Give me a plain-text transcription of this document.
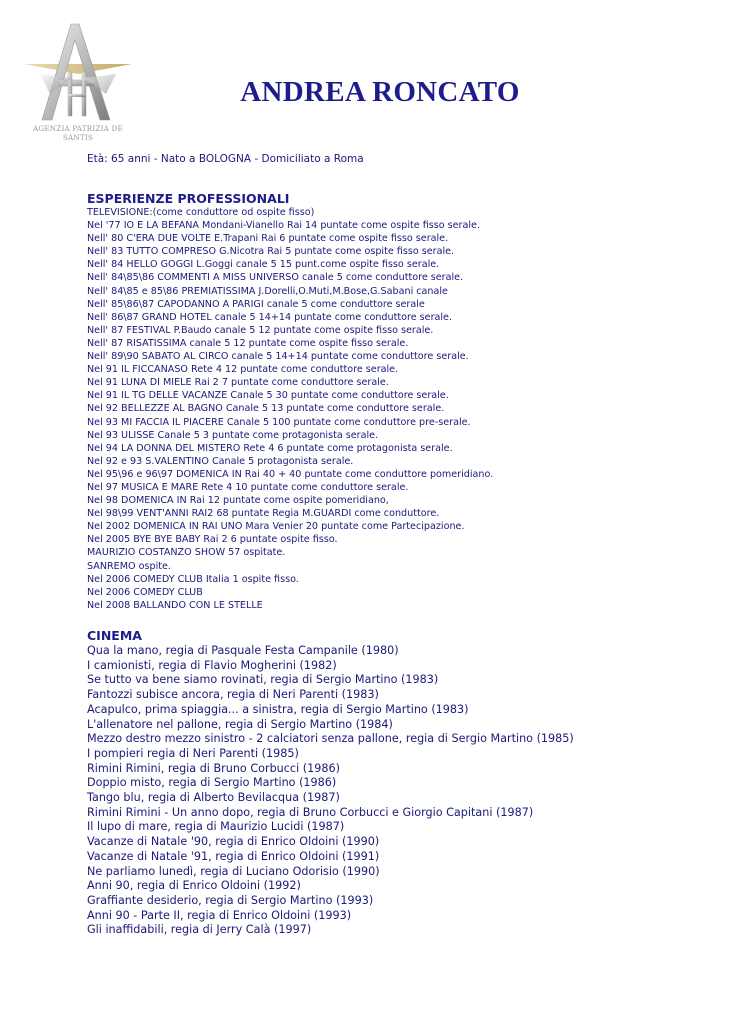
AGENZIA PATRIZIA DE SANTIS
ANDREA RONCATO
Età: 65 anni - Nato a BOLOGNA - Domiciliato a Roma
ESPERIENZE PROFESSIONALI
TELEVISIONE:(come conduttore od ospite fisso)
Nel '77 IO E LA BEFANA Mondani-Vianello Rai 14 puntate come ospite fisso serale.
Nell' 80 C'ERA DUE VOLTE E.Trapani Rai 6 puntate come ospite fisso serale.
Nell' 83 TUTTO COMPRESO G.Nicotra Rai 5 puntate come ospite fisso serale.
Nell' 84 HELLO GOGGI L.Goggi canale 5 15 punt.come ospite fisso serale.
Nell' 84\85\86 COMMENTI A MISS UNIVERSO canale 5 come conduttore serale.
Nell' 84\85 e 85\86 PREMIATISSIMA J.Dorelli,O.Muti,M.Bose,G.Sabani canale
Nell' 85\86\87 CAPODANNO A PARIGI canale 5 come conduttore serale
Nell' 86\87 GRAND HOTEL canale 5 14+14 puntate come conduttore serale.
Nell' 87 FESTIVAL P.Baudo canale 5 12 puntate come ospite fisso serale.
Nell' 87 RISATISSIMA canale 5 12 puntate come ospite fisso serale.
Nell' 89\90 SABATO AL CIRCO canale 5 14+14 puntate come conduttore serale.
Nel 91 IL FICCANASO Rete 4 12 puntate come conduttore serale.
Nel 91 LUNA DI MIELE Rai 2 7 puntate come conduttore serale.
Nel 91 IL TG DELLE VACANZE Canale 5 30 puntate come conduttore serale.
Nel 92 BELLEZZE AL BAGNO Canale 5 13 puntate come conduttore serale.
Nel 93 MI FACCIA IL PIACERE Canale 5 100 puntate come conduttore pre-serale.
Nel 93 ULISSE Canale 5 3 puntate come protagonista serale.
Nel 94 LA DONNA DEL MISTERO Rete 4 6 puntate come protagonista serale.
Nel 92 e 93 S.VALENTINO Canale 5 protagonista serale.
Nel 95\96 e 96\97 DOMENICA IN Rai 40 + 40 puntate come conduttore pomeridiano.
Nel 97 MUSICA E MARE Rete 4 10 puntate come conduttore serale.
Nel 98 DOMENICA IN Rai 12 puntate come ospite pomeridiano,
Nel 98\99 VENT'ANNI RAI2 68 puntate Regia M.GUARDI come conduttore.
Nel 2002 DOMENICA IN RAI UNO Mara Venier 20 puntate come Partecipazione.
Nel 2005 BYE BYE BABY Rai 2 6 puntate ospite fisso.
MAURIZIO COSTANZO SHOW 57 ospitate.
SANREMO ospite.
Nel 2006 COMEDY CLUB Italia 1 ospite fisso.
Nel 2006 COMEDY CLUB
Nel 2008 BALLANDO CON LE STELLE
CINEMA
Qua la mano, regia di Pasquale Festa Campanile (1980)
I camionisti, regia di Flavio Mogherini (1982)
Se tutto va bene siamo rovinati, regia di Sergio Martino (1983)
Fantozzi subisce ancora, regia di Neri Parenti (1983)
Acapulco, prima spiaggia... a sinistra, regia di Sergio Martino (1983)
L'allenatore nel pallone, regia di Sergio Martino (1984)
Mezzo destro mezzo sinistro - 2 calciatori senza pallone, regia di Sergio Martino (1985)
I pompieri regia di Neri Parenti (1985)
Rimini Rimini, regia di Bruno Corbucci (1986)
Doppio misto, regia di Sergio Martino (1986)
Tango blu, regia di Alberto Bevilacqua (1987)
Rimini Rimini - Un anno dopo, regia di Bruno Corbucci e Giorgio Capitani (1987)
Il lupo di mare, regia di Maurizio Lucidi (1987)
Vacanze di Natale '90, regia di Enrico Oldoini (1990)
Vacanze di Natale '91, regia di Enrico Oldoini (1991)
Ne parliamo lunedì, regia di Luciano Odorisio (1990)
Anni 90, regia di Enrico Oldoini (1992)
Graffiante desiderio, regia di Sergio Martino (1993)
Anni 90 - Parte II, regia di Enrico Oldoini (1993)
Gli inaffidabili, regia di Jerry Calà (1997)
